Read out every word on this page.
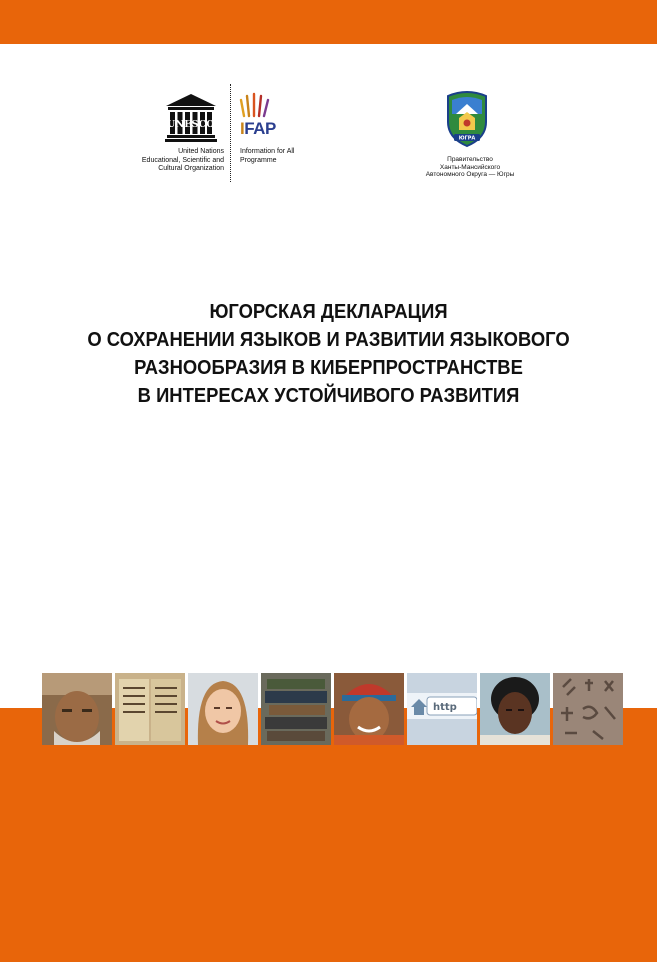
UNESCO
United Nations
Educational, Scientific and
Cultural Organization
IFAP
Information for All
Programme
ЮГРА
Правительство
Ханты-Мансийского
Автономного Округа — Югры
ЮГОРСКАЯ ДЕКЛАРАЦИЯ
О СОХРАНЕНИИ ЯЗЫКОВ И РАЗВИТИИ ЯЗЫКОВОГО
РАЗНООБРАЗИЯ В КИБЕРПРОСТРАНСТВЕ
В ИНТЕРЕСАХ УСТОЙЧИВОГО РАЗВИТИЯ
http
